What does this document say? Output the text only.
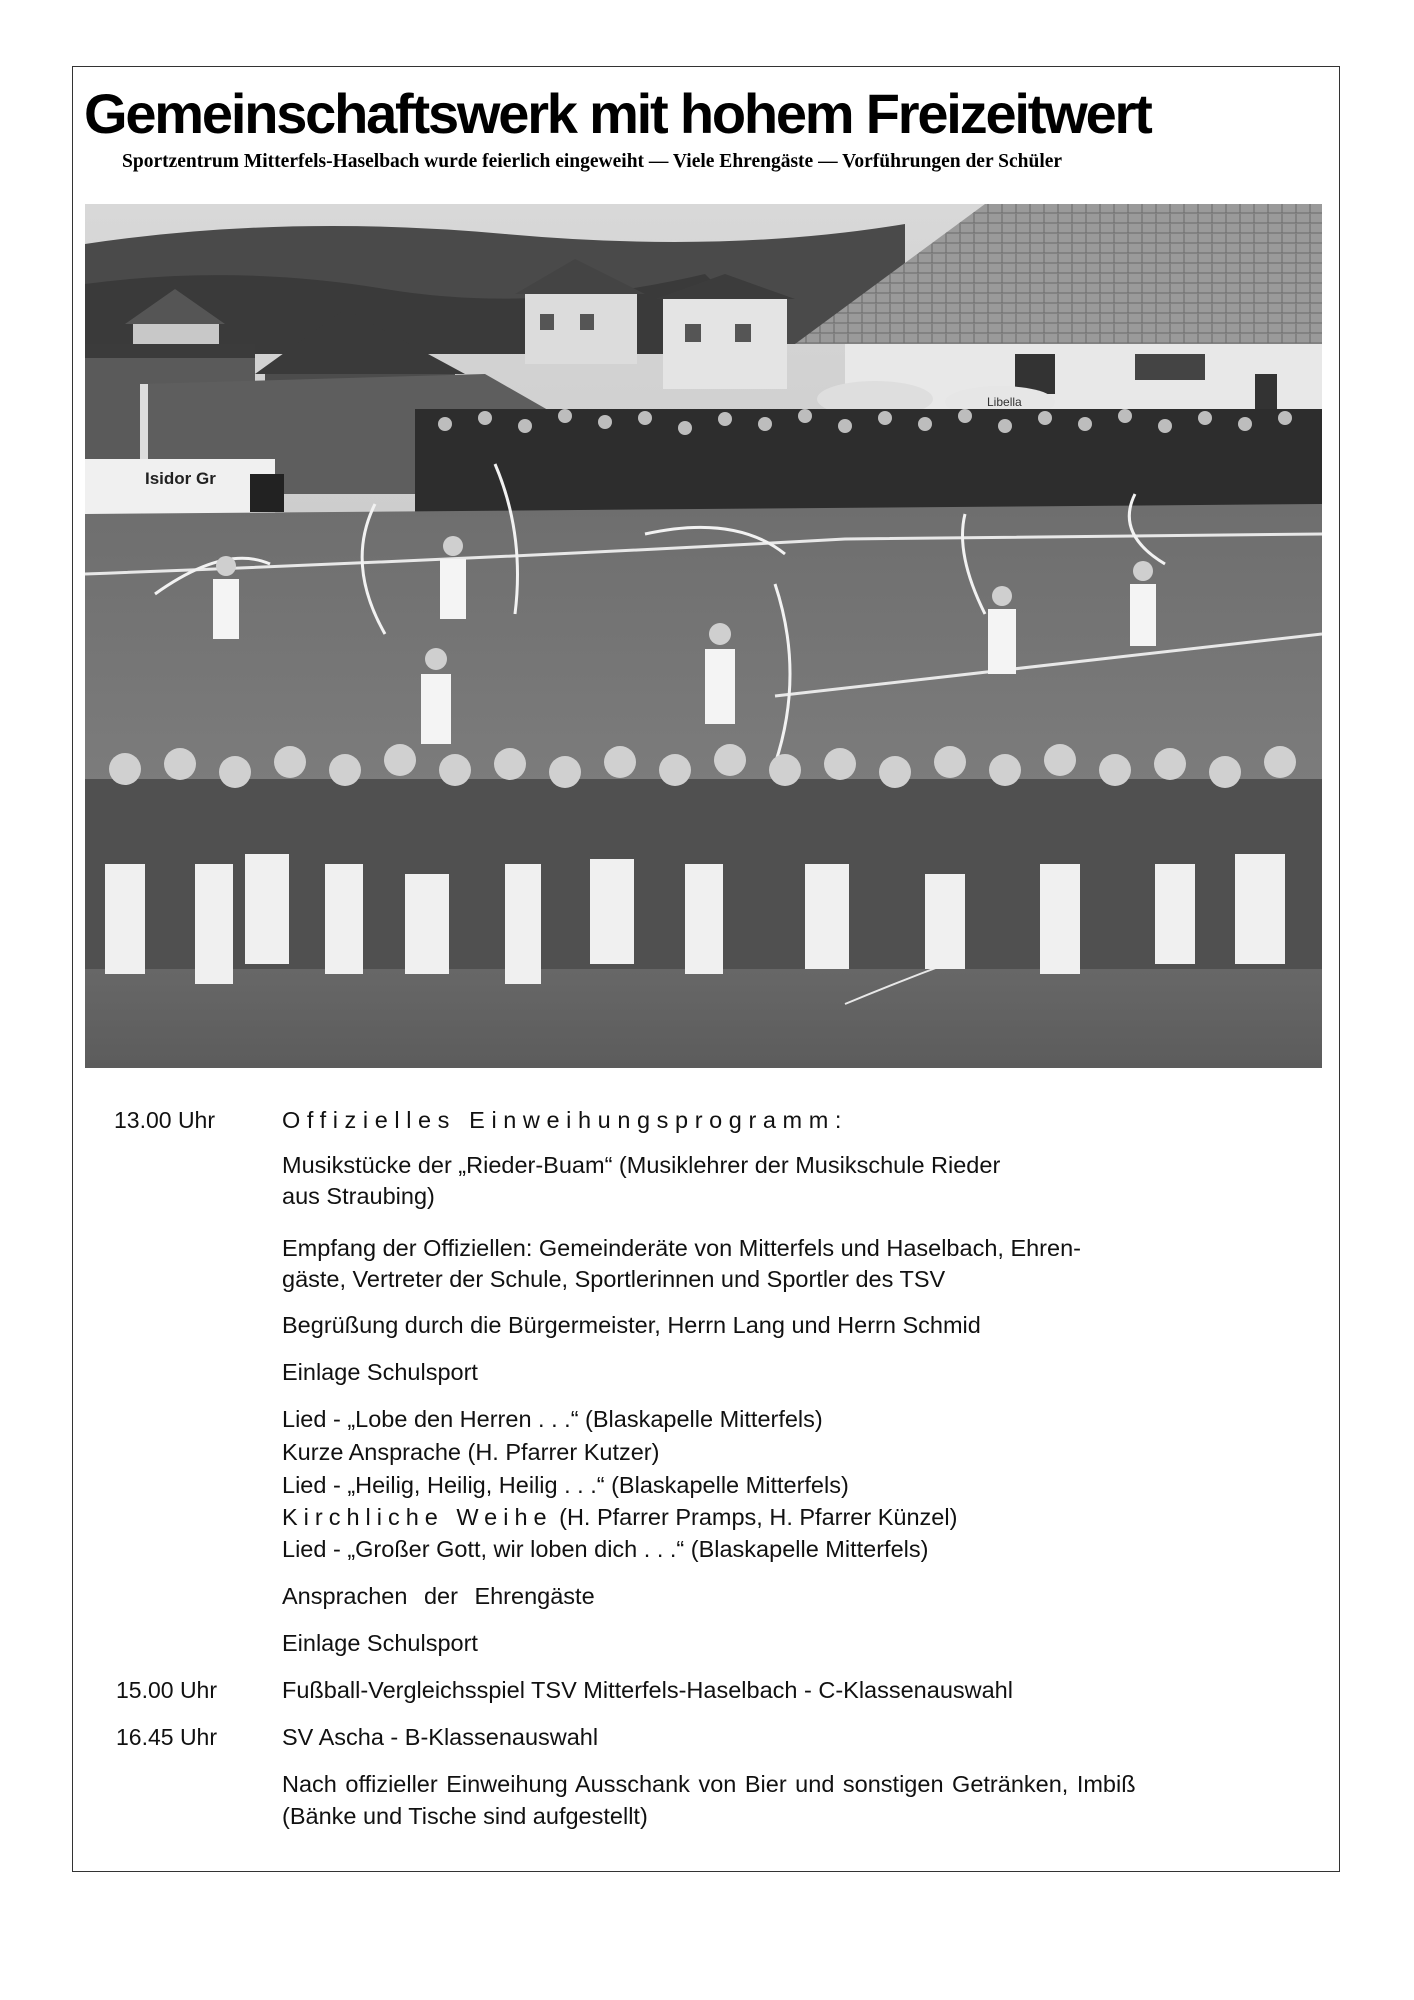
Gemeinschaftswerk mit hohem Freizeitwert
Sportzentrum Mitterfels-Haselbach wurde feierlich eingeweiht — Viele Ehrengäste — Vorführungen der Schüler
Isidor Gr
Libella
13.00 Uhr	Offizielles Einweihungsprogramm:
Musikstücke der „Rieder-Buam“ (Musiklehrer der Musikschule Rieder
aus Straubing)
Empfang der Offiziellen: Gemeinderäte von Mitterfels und Haselbach, Ehren-
gäste, Vertreter der Schule, Sportlerinnen und Sportler des TSV
Begrüßung durch die Bürgermeister, Herrn Lang und Herrn Schmid
Einlage Schulsport
Lied - „Lobe den Herren . . .“ (Blaskapelle Mitterfels)
Kurze Ansprache (H. Pfarrer Kutzer)
Lied - „Heilig, Heilig, Heilig . . .“ (Blaskapelle Mitterfels)
Kirchliche Weihe (H. Pfarrer Pramps, H. Pfarrer Künzel)
Lied - „Großer Gott, wir loben dich . . .“ (Blaskapelle Mitterfels)
Ansprachen der Ehrengäste
Einlage Schulsport
15.00 Uhr	Fußball-Vergleichsspiel TSV Mitterfels-Haselbach - C-Klassenauswahl
16.45 Uhr	SV Ascha - B-Klassenauswahl
Nach offizieller Einweihung Ausschank von Bier und sonstigen Getränken, Imbiß
(Bänke und Tische sind aufgestellt)
